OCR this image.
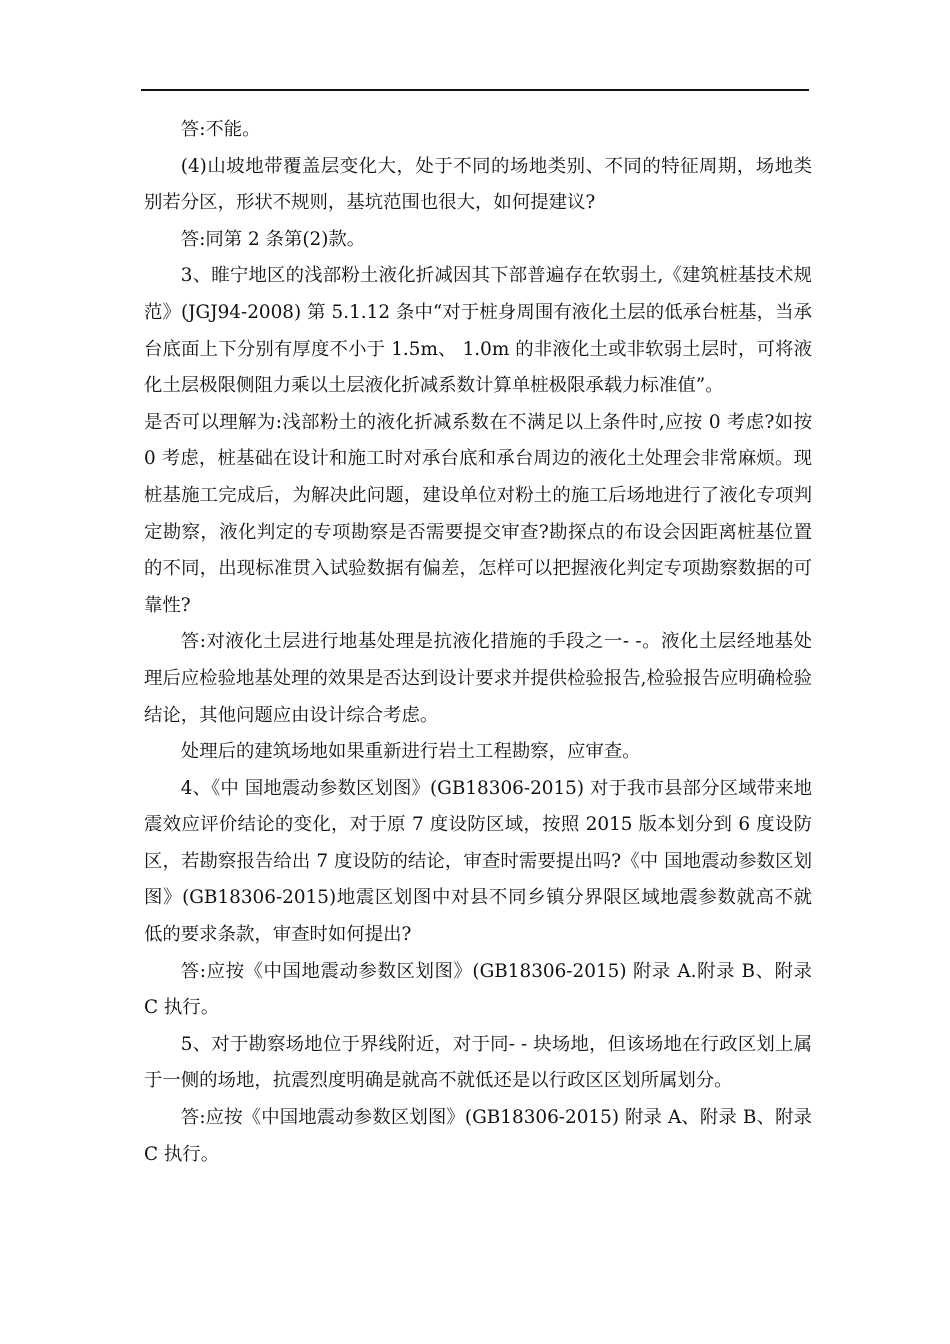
答:不能。

(4)山坡地带覆盖层变化大，处于不同的场地类别、不同的特征周期，场地类别若分区，形状不规则，基坑范围也很大，如何提建议?

答:同第 2 条第(2)款。

3、睢宁地区的浅部粉土液化折减因其下部普遍存在软弱土,《建筑桩基技术规范》(JGJ94-2008) 第 5.1.12 条中“对于桩身周围有液化土层的低承台桩基，当承台底面上下分别有厚度不小于 1.5m、 1.0m 的非液化土或非软弱土层时，可将液化土层极限侧阻力乘以土层液化折减系数计算单桩极限承载力标准值”。

是否可以理解为:浅部粉土的液化折减系数在不满足以上条件时,应按 0 考虑?如按 0 考虑，桩基础在设计和施工时对承台底和承台周边的液化土处理会非常麻烦。现桩基施工完成后，为解决此问题，建设单位对粉土的施工后场地进行了液化专项判定勘察，液化判定的专项勘察是否需要提交审查?勘探点的布设会因距离桩基位置的不同，出现标准贯入试验数据有偏差，怎样可以把握液化判定专项勘察数据的可靠性?

答:对液化土层进行地基处理是抗液化措施的手段之一- -。液化土层经地基处理后应检验地基处理的效果是否达到设计要求并提供检验报告,检验报告应明确检验结论，其他问题应由设计综合考虑。

处理后的建筑场地如果重新进行岩土工程勘察，应审查。

4、《中 国地震动参数区划图》(GB18306-2015) 对于我市县部分区域带来地震效应评价结论的变化，对于原 7 度设防区域，按照 2015 版本划分到 6 度设防区，若勘察报告给出 7 度设防的结论，审查时需要提出吗?《中 国地震动参数区划图》(GB18306-2015)地震区划图中对县不同乡镇分界限区域地震参数就高不就低的要求条款，审查时如何提出?

答:应按《中国地震动参数区划图》(GB18306-2015) 附录 A.附录 B、附录 C 执行。

5、对于勘察场地位于界线附近，对于同- - 块场地，但该场地在行政区划上属于一侧的场地，抗震烈度明确是就高不就低还是以行政区区划所属划分。

答:应按《中国地震动参数区划图》(GB18306-2015) 附录 A、附录 B、附录 C 执行。
